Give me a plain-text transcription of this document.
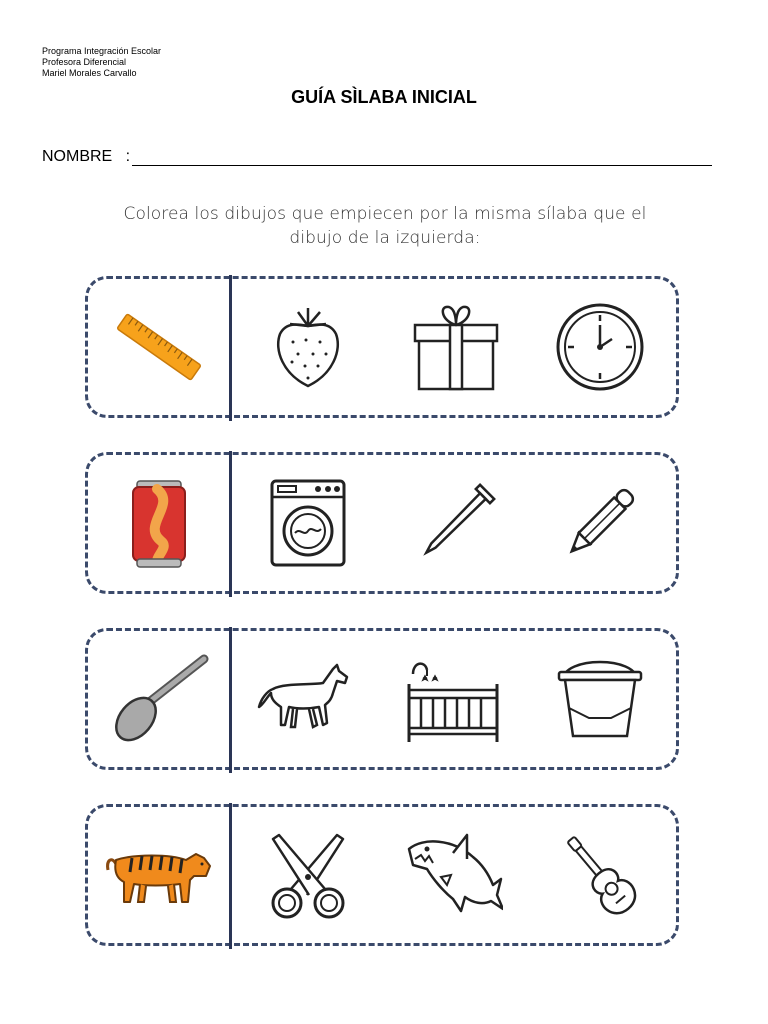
Programa Integración Escolar
Profesora Diferencial
Mariel Morales Carvallo
GUÍA SÌLABA INICIAL
NOMBRE   :
Colorea los dibujos que empiecen por la misma sílaba que el
dibujo de la izquierda:
